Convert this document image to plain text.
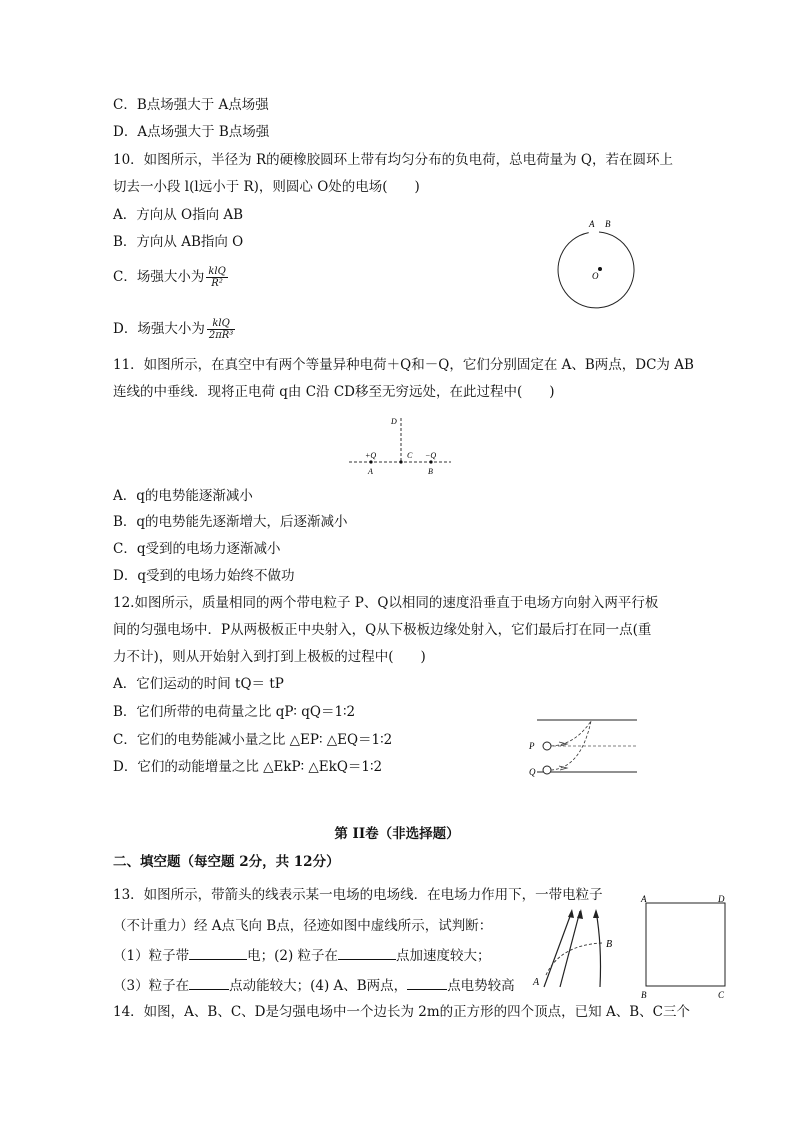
C．B点场强大于 A点场强
D．A点场强大于 B点场强
10．如图所示，半径为 R的硬橡胶圆环上带有均匀分布的负电荷，总电荷量为 Q，若在圆环上
切去一小段 l(l远小于 R)，则圆心 O处的电场(　　)
A．方向从 O指向 AB
B．方向从 AB指向 O
C．场强大小为 $\frac{\text{klQ}}{\text{R²}}$
D．场强大小为 $\frac{\text{klQ}}{\text{2πR³}}$
A B
O
11．如图所示，在真空中有两个等量异种电荷＋Q和－Q，它们分别固定在 A、B两点，DC为 AB
连线的中垂线．现将正电荷 q由 C沿 CD移至无穷远处，在此过程中(　　)
D
+Q	−Q
C
A	B
A．q的电势能逐渐减小
B．q的电势能先逐渐增大，后逐渐减小
C．q受到的电场力逐渐减小
D．q受到的电场力始终不做功
12.如图所示，质量相同的两个带电粒子 P、Q以相同的速度沿垂直于电场方向射入两平行板
间的匀强电场中．P从两极板正中央射入，Q从下极板边缘处射入，它们最后打在同一点(重
力不计)，则从开始射入到打到上极板的过程中(　　)
A．它们运动的时间 tQ＝ tP
B．它们所带的电荷量之比 qP∶ qQ＝1∶2
C．它们的电势能减小量之比 △EP∶ △EQ＝1∶2
D．它们的动能增量之比 △EkP∶ △EkQ＝1∶2
P
Q
第 II卷（非选择题）
二、填空题（每空题 2分，共 12分）
13．如图所示，带箭头的线表示某一电场的电场线．在电场力作用下，一带电粒子
（不计重力）经 A点飞向 B点，径迹如图中虚线所示，试判断：
（1）粒子带	电；(2) 粒子在	点加速度较大；
（3）粒子在	点动能较大；(4) A、B两点，	点电势较高 A
B
A	D
B	C
14．如图，A、B、C、D是匀强电场中一个边长为 2m的正方形的四个顶点，已知 A、B、C三个
